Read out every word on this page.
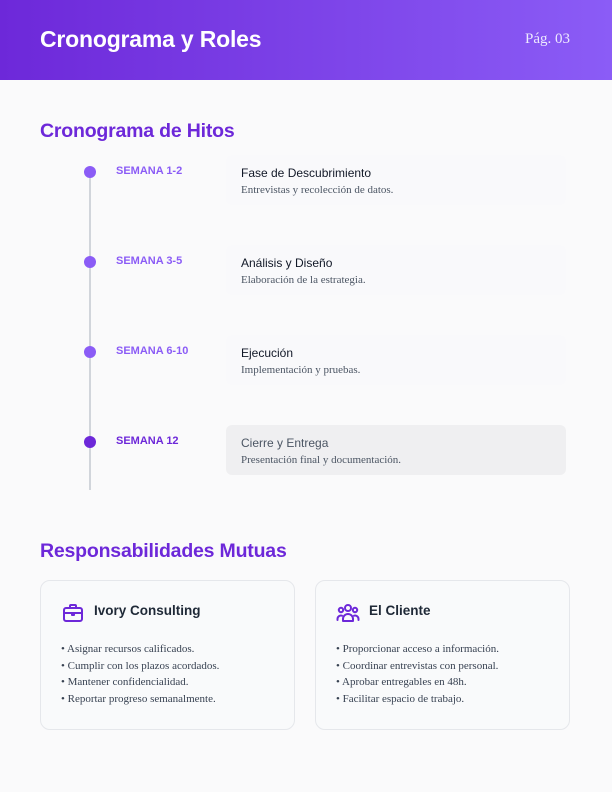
Cronograma y Roles	Pág. 03
Cronograma de Hitos
SEMANA 1-2	Fase de Descubrimiento
Entrevistas y recolección de datos.
SEMANA 3-5	Análisis y Diseño
Elaboración de la estrategia.
SEMANA 6-10	Ejecución
Implementación y pruebas.
SEMANA 12	Cierre y Entrega
Presentación final y documentación.
Responsabilidades Mutuas
Ivory Consulting
• Asignar recursos calificados.
• Cumplir con los plazos acordados.
• Mantener confidencialidad.
• Reportar progreso semanalmente.
El Cliente
• Proporcionar acceso a información.
• Coordinar entrevistas con personal.
• Aprobar entregables en 48h.
• Facilitar espacio de trabajo.
